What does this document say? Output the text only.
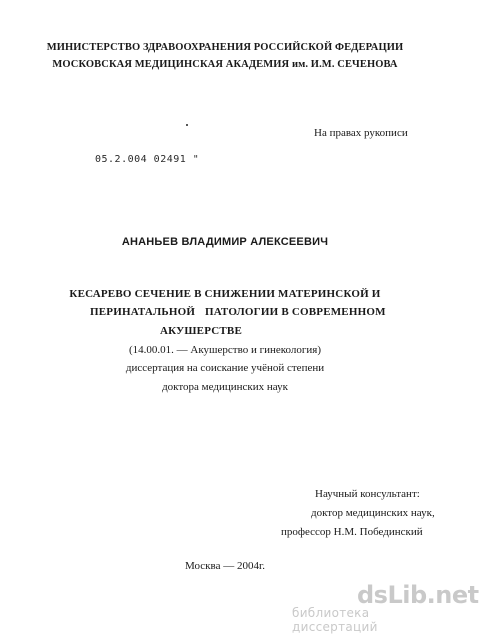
МИНИСТЕРСТВО ЗДРАВООХРАНЕНИЯ РОССИЙСКОЙ ФЕДЕРАЦИИ
МОСКОВСКАЯ МЕДИЦИНСКАЯ АКАДЕМИЯ им. И.М. СЕЧЕНОВА
На правах рукописи
05.2.004 02491 "
АНАНЬЕВ ВЛАДИМИР АЛЕКСЕЕВИЧ
КЕСАРЕВО СЕЧЕНИЕ В СНИЖЕНИИ МАТЕРИНСКОЙ И
ПЕРИНАТАЛЬНОЙ ПАТОЛОГИИ В СОВРЕМЕННОМ
АКУШЕРСТВЕ
(14.00.01. — Акушерство и гинекология)
диссертация на соискание учёной степени
доктора медицинских наук
Научный консультант:
доктор медицинских наук,
профессор Н.М. Побединский
Москва — 2004г.
dsLib.net
библиотека диссертаций
